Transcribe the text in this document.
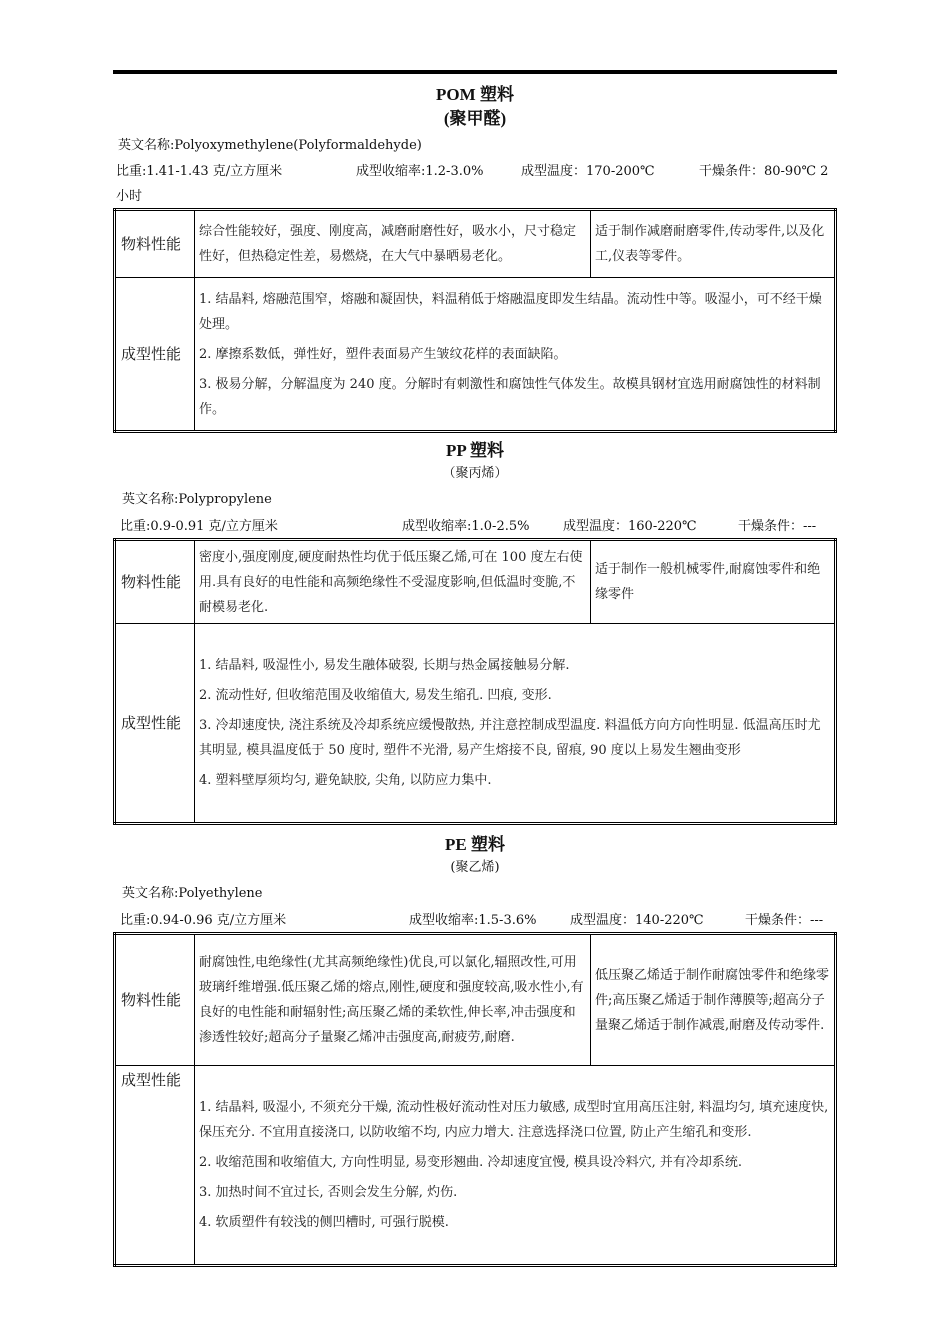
POM 塑料
(聚甲醛)
英文名称:Polyoxymethylene(Polyformaldehyde)
比重:1.41-1.43 克/立方厘米	成型收缩率:1.2-3.0%	成型温度：170-200℃	干燥条件：80-90℃ 2
小时
物料性能	综合性能较好，强度、刚度高，减磨耐磨性好，吸水小，尺寸稳定性好，但热稳定性差，易燃烧，在大气中暴晒易老化。	适于制作减磨耐磨零件,传动零件,以及化工,仪表等零件。
成型性能	1. 结晶料, 熔融范围窄，熔融和凝固快，料温稍低于熔融温度即发生结晶。流动性中等。吸湿小，可不经干燥处理。

2. 摩擦系数低，弹性好，塑件表面易产生皱纹花样的表面缺陷。

3. 极易分解，分解温度为 240 度。分解时有刺激性和腐蚀性气体发生。故模具钢材宜选用耐腐蚀性的材料制作。	

PP 塑料
（聚丙烯）
英文名称:Polypropylene
比重:0.9-0.91 克/立方厘米	成型收缩率:1.0-2.5%	成型温度：160-220℃	干燥条件：---
物料性能	密度小,强度刚度,硬度耐热性均优于低压聚乙烯,可在 100 度左右使用.具有良好的电性能和高频绝缘性不受湿度影响,但低温时变脆,不耐模易老化.	适于制作一般机械零件,耐腐蚀零件和绝缘零件
成型性能	1. 结晶料, 吸湿性小, 易发生融体破裂, 长期与热金属接触易分解.

2. 流动性好, 但收缩范围及收缩值大, 易发生缩孔. 凹痕, 变形.

3. 冷却速度快, 浇注系统及冷却系统应缓慢散热, 并注意控制成型温度. 料温低方向方向性明显. 低温高压时尤其明显, 模具温度低于 50 度时, 塑件不光滑, 易产生熔接不良, 留痕, 90 度以上易发生翘曲变形

4. 塑料壁厚须均匀, 避免缺胶, 尖角, 以防应力集中.	

PE 塑料
(聚乙烯)
英文名称:Polyethylene
比重:0.94-0.96 克/立方厘米	成型收缩率:1.5-3.6%	成型温度：140-220℃	干燥条件：---
物料性能	耐腐蚀性,电绝缘性(尤其高频绝缘性)优良,可以氯化,辐照改性,可用玻璃纤维增强.低压聚乙烯的熔点,刚性,硬度和强度较高,吸水性小,有良好的电性能和耐辐射性;高压聚乙烯的柔软性,伸长率,冲击强度和渗透性较好;超高分子量聚乙烯冲击强度高,耐疲劳,耐磨.	低压聚乙烯适于制作耐腐蚀零件和绝缘零件;高压聚乙烯适于制作薄膜等;超高分子量聚乙烯适于制作减震,耐磨及传动零件.
成型性能	1. 结晶料, 吸湿小, 不须充分干燥, 流动性极好流动性对压力敏感, 成型时宜用高压注射, 料温均匀, 填充速度快, 保压充分. 不宜用直接浇口, 以防收缩不均, 内应力增大. 注意选择浇口位置, 防止产生缩孔和变形.

2. 收缩范围和收缩值大, 方向性明显, 易变形翘曲. 冷却速度宜慢, 模具设冷料穴, 并有冷却系统.

3. 加热时间不宜过长, 否则会发生分解, 灼伤.

4. 软质塑件有较浅的侧凹槽时, 可强行脱模.	
